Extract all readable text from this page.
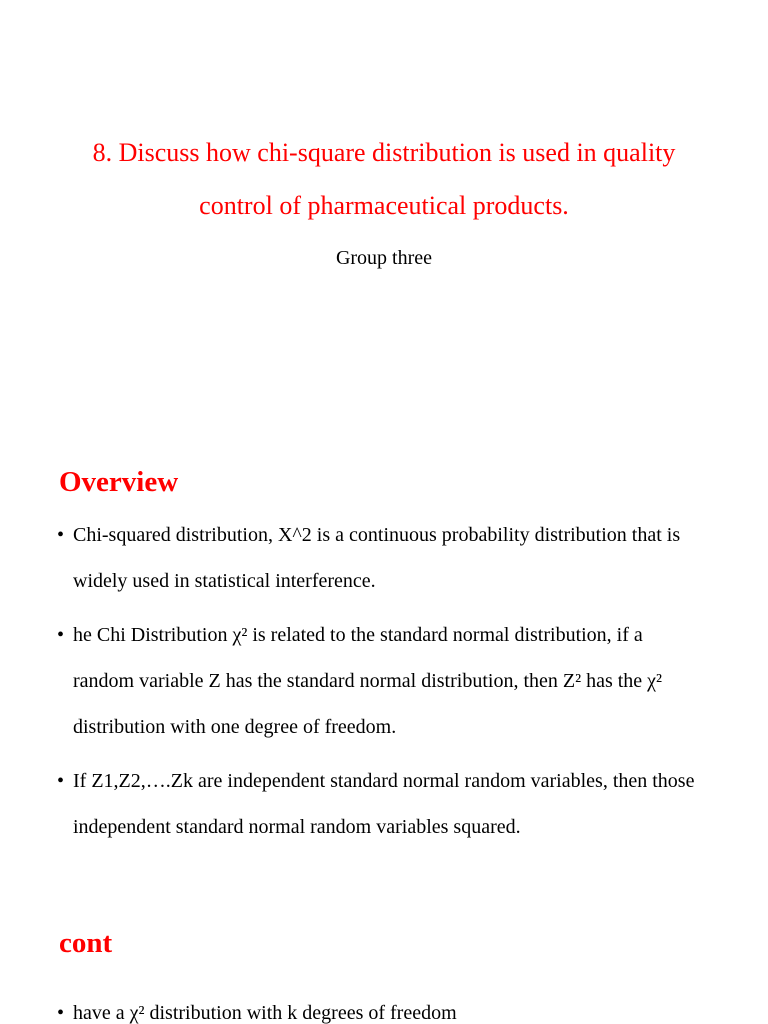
8. Discuss how chi-square distribution is used in quality control of pharmaceutical products.
Group three
Overview
• Chi-squared distribution, X^2 is a continuous probability distribution that is widely used in statistical interference.
• he Chi Distribution χ² is related to the standard normal distribution, if a random variable Z has the standard normal distribution, then Z² has the χ² distribution with one degree of freedom.
• If Z1,Z2,….Zk are independent standard normal random variables, then those independent standard normal random variables squared.
cont
• have a χ² distribution with k degrees of freedom
